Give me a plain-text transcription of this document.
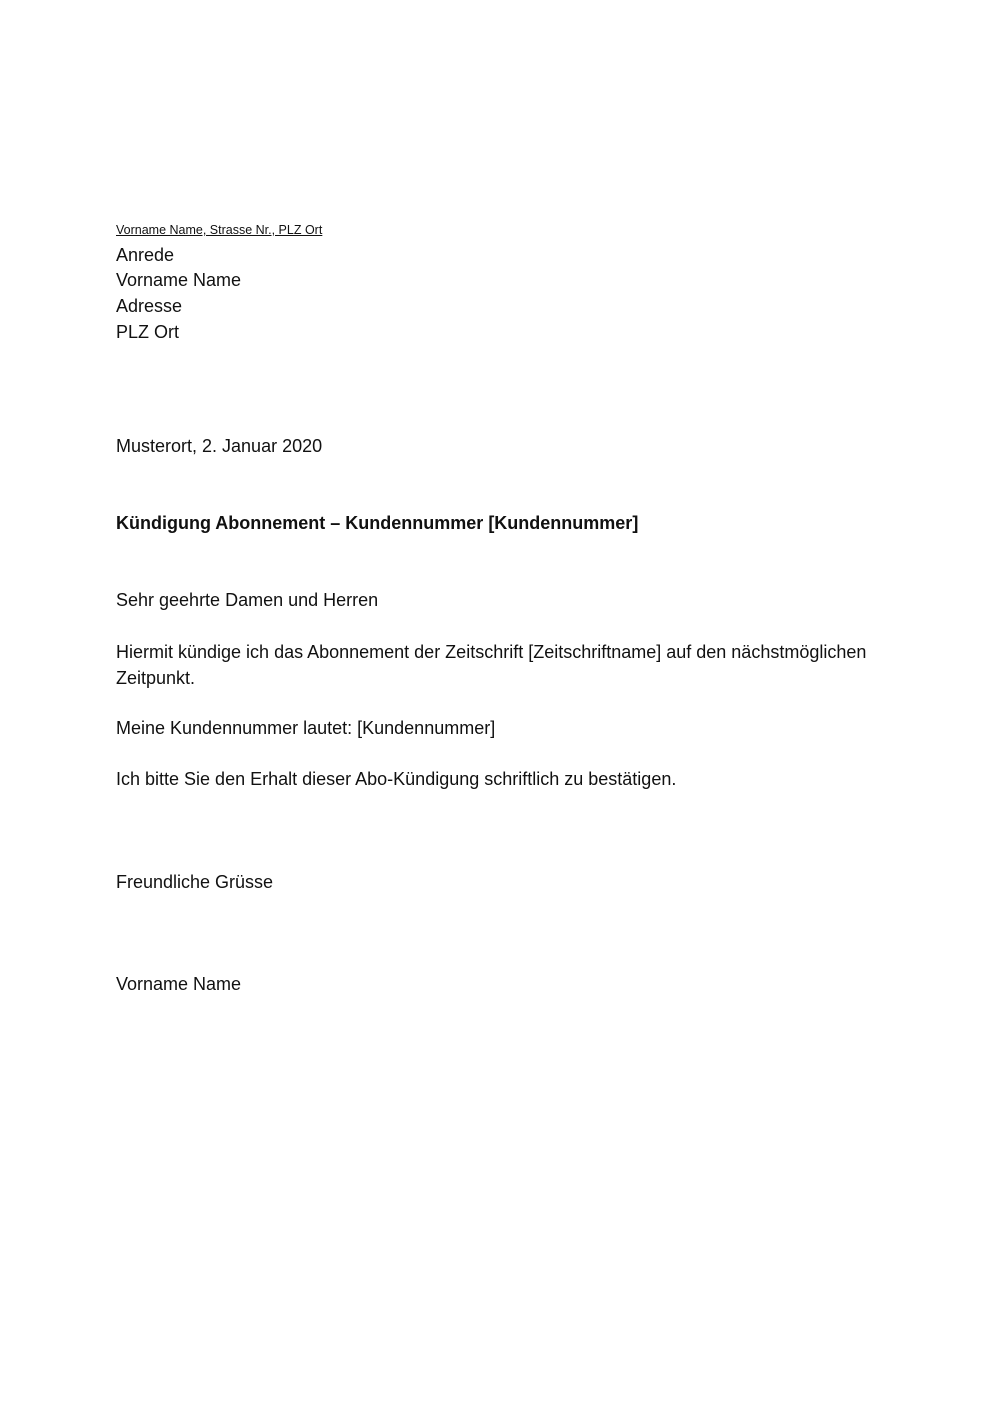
Vorname Name, Strasse Nr., PLZ Ort
Anrede
Vorname Name
Adresse
PLZ Ort
Musterort, 2. Januar 2020
Kündigung Abonnement – Kundennummer [Kundennummer]
Sehr geehrte Damen und Herren
Hiermit kündige ich das Abonnement der Zeitschrift [Zeitschriftname] auf den nächstmöglichen
Zeitpunkt.
Meine Kundennummer lautet: [Kundennummer]
Ich bitte Sie den Erhalt dieser Abo-Kündigung schriftlich zu bestätigen.
Freundliche Grüsse
Vorname Name
